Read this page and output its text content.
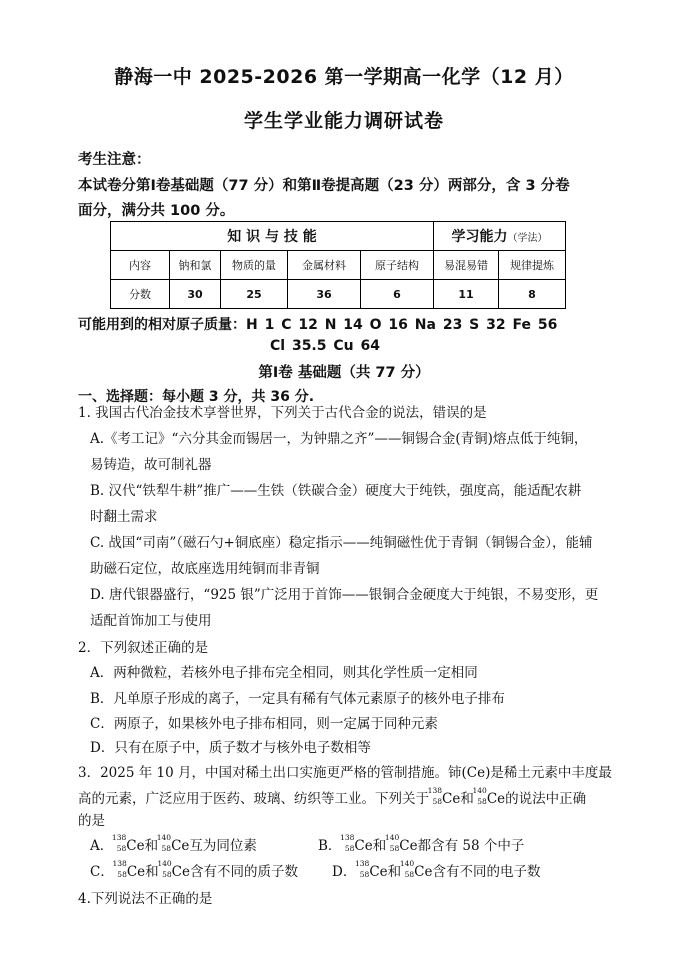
静海一中 2025-2026 第一学期高一化学（12 月）
学生学业能力调研试卷
考生注意：
本试卷分第Ⅰ卷基础题（77 分）和第Ⅱ卷提高题（23 分）两部分，含 3 分卷
面分，满分共 100 分。
知 识 与 技 能					学习能力（学法）	
内容	钠和氯	物质的量	金属材料	原子结构	易混易错	规律提炼
分数	30	25	36	6	11	8
可能用到的相对原子质量：H 1 C 12 N 14 O 16 Na 23 S 32 Fe 56
Cl 35.5 Cu 64
第Ⅰ卷 基础题（共 77 分）
一、选择题：每小题 3 分，共 36 分.
1. 我国古代冶金技术享誉世界，下列关于古代合金的说法，错误的是
A.《考工记》“六分其金而锡居一，为钟鼎之齐”——铜锡合金(青铜)熔点低于纯铜，
易铸造，故可制礼器
B. 汉代“铁犁牛耕”推广——生铁（铁碳合金）硬度大于纯铁，强度高，能适配农耕
时翻土需求
C. 战国“司南”（磁石勺+铜底座）稳定指示——纯铜磁性优于青铜（铜锡合金），能辅
助磁石定位，故底座选用纯铜而非青铜
D. 唐代银器盛行，“925 银”广泛用于首饰——银铜合金硬度大于纯银，不易变形，更
适配首饰加工与使用
2．下列叙述正确的是
A．两种微粒，若核外电子排布完全相同，则其化学性质一定相同
B．凡单原子形成的离子，一定具有稀有气体元素原子的核外电子排布
C．两原子，如果核外电子排布相同，则一定属于同种元素
D．只有在原子中，质子数才与核外电子数相等
3．2025 年 10 月，中国对稀土出口实施更严格的管制措施。铈(Ce)是稀土元素中丰度最
高的元素，广泛应用于医药、玻璃、纺织等工业。下列关于
138
58 Ce和
140
58 Ce的说法中正确
的是
A．
138
58 Ce和
140
58 Ce互为同位素	B．
138
58 Ce和
140
58 Ce都含有 58 个中子
C．
138
58 Ce和
140
58 Ce含有不同的质子数	D．
138
58 Ce和
140
58 Ce含有不同的电子数
4.下列说法不正确的是
